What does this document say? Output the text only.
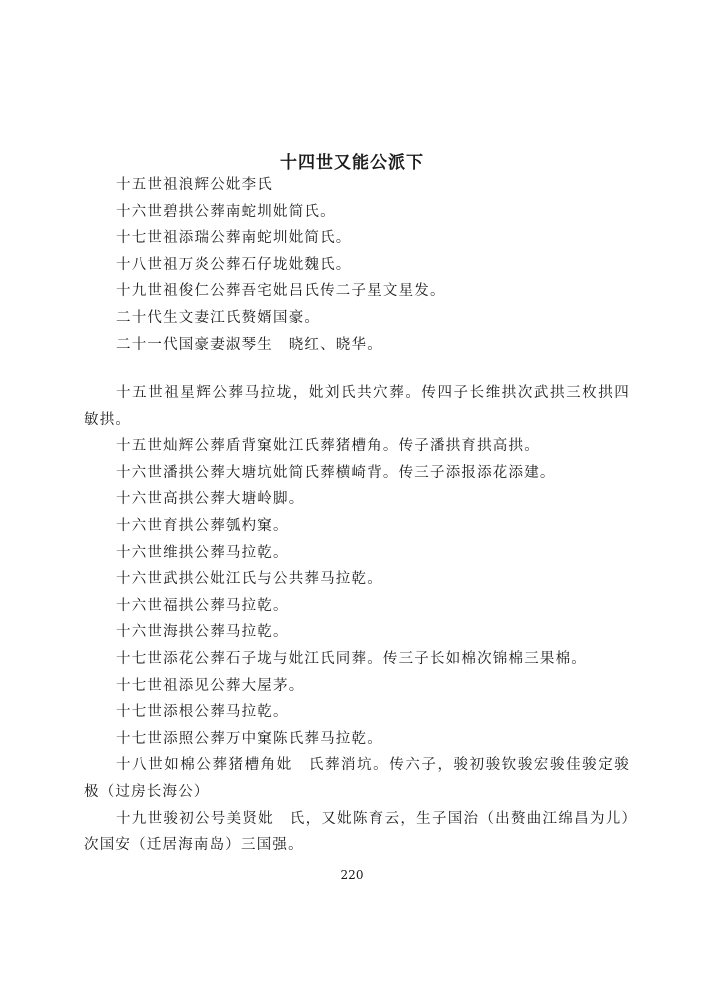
十四世又能公派下
十五世祖浪辉公妣李氏
十六世碧拱公葬南蛇圳妣简氏。
十七世祖添瑞公葬南蛇圳妣简氏。
十八世祖万炎公葬石仔垅妣魏氏。
十九世祖俊仁公葬吾宅妣吕氏传二子星文星发。
二十代生文妻江氏赘婿国豪。
二十一代国豪妻淑琴生　晓红、晓华。
十五世祖星辉公葬马拉垅，妣刘氏共穴葬。传四子长维拱次武拱三枚拱四敏拱。
十五世灿辉公葬盾背窠妣江氏葬猪槽角。传子潘拱育拱高拱。
十六世潘拱公葬大塘坑妣简氏葬横崎背。传三子添报添花添建。
十六世高拱公葬大塘岭脚。
十六世育拱公葬瓠杓窠。
十六世维拱公葬马拉乾。
十六世武拱公妣江氏与公共葬马拉乾。
十六世福拱公葬马拉乾。
十六世海拱公葬马拉乾。
十七世添花公葬石子垅与妣江氏同葬。传三子长如棉次锦棉三果棉。
十七世祖添见公葬大屋茅。
十七世添根公葬马拉乾。
十七世添照公葬万中窠陈氏葬马拉乾。
十八世如棉公葬猪槽角妣　氏葬消坑。传六子，骏初骏钦骏宏骏佳骏定骏极（过房长海公）
十九世骏初公号美贤妣　氏，又妣陈育云，生子国治（出赘曲江绵昌为儿）次国安（迁居海南岛）三国强。
220
